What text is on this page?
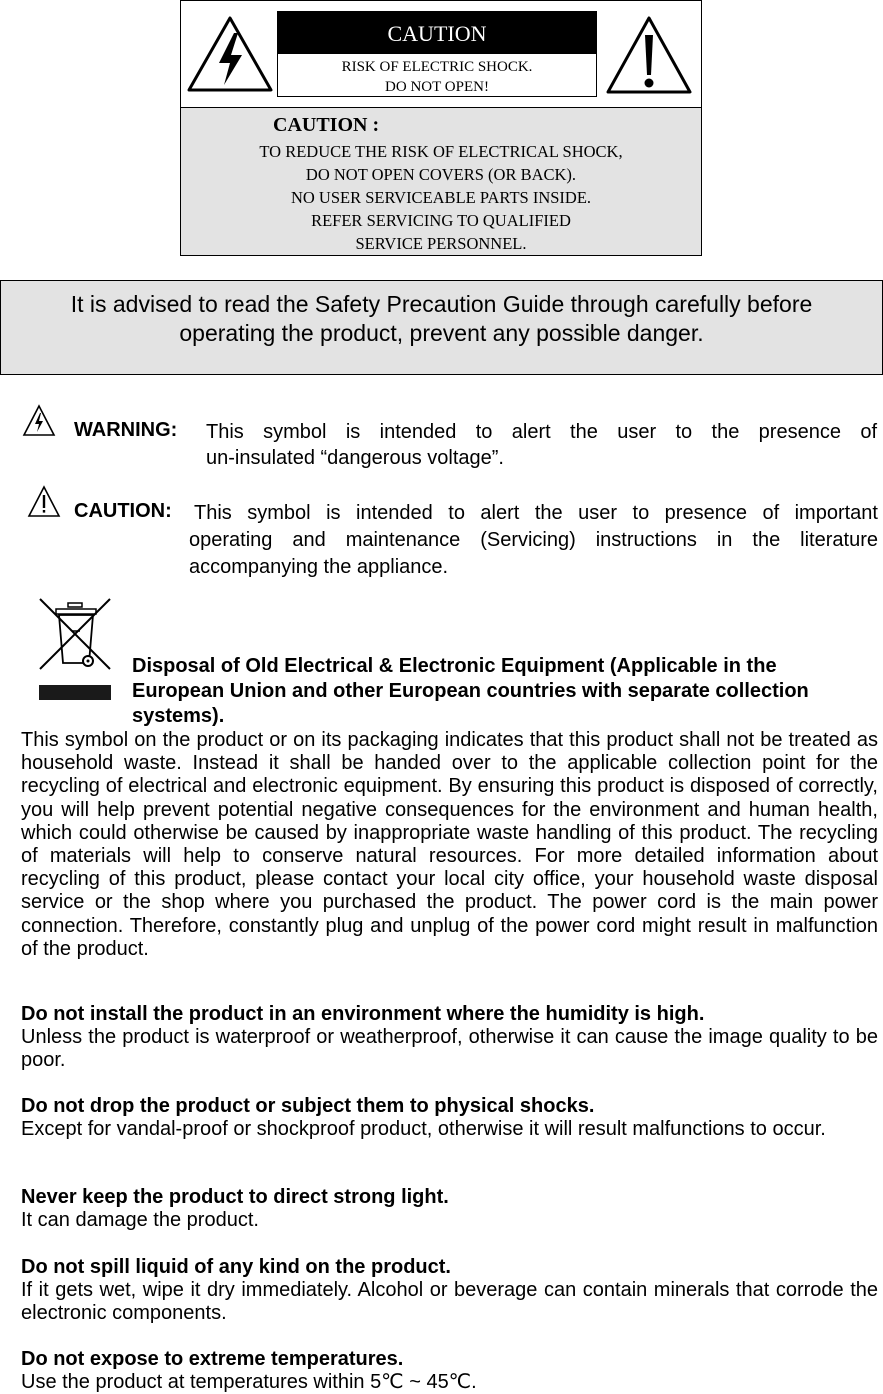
CAUTION
RISK OF ELECTRIC SHOCK.
DO NOT OPEN!
CAUTION :
TO REDUCE THE RISK OF ELECTRICAL SHOCK,
DO NOT OPEN COVERS (OR BACK).
NO USER SERVICEABLE PARTS INSIDE.
REFER SERVICING TO QUALIFIED
SERVICE PERSONNEL.
It is advised to read the Safety Precaution Guide through carefully before
operating the product, prevent any possible danger.
WARNING: This symbol is intended to alert the user to the presence of
un-insulated “dangerous voltage”.
CAUTION: This symbol is intended to alert the user to presence of important
operating and maintenance (Servicing) instructions in the literature
accompanying the appliance.
Disposal of Old Electrical & Electronic Equipment (Applicable in the European Union and other European countries with separate collection systems).
This symbol on the product or on its packaging indicates that this product shall not be treated as household waste. Instead it shall be handed over to the applicable collection point for the recycling of electrical and electronic equipment. By ensuring this product is disposed of correctly, you will help prevent potential negative consequences for the environment and human health, which could otherwise be caused by inappropriate waste handling of this product. The recycling of materials will help to conserve natural resources. For more detailed information about recycling of this product, please contact your local city office, your household waste disposal service or the shop where you purchased the product. The power cord is the main power connection. Therefore, constantly plug and unplug of the power cord might result in malfunction of the product.
Do not install the product in an environment where the humidity is high.
Unless the product is waterproof or weatherproof, otherwise it can cause the image quality to be poor.
Do not drop the product or subject them to physical shocks.
Except for vandal-proof or shockproof product, otherwise it will result malfunctions to occur.
Never keep the product to direct strong light.
It can damage the product.
Do not spill liquid of any kind on the product.
If it gets wet, wipe it dry immediately. Alcohol or beverage can contain minerals that corrode the electronic components.
Do not expose to extreme temperatures.
Use the product at temperatures within 5℃ ~ 45℃.
